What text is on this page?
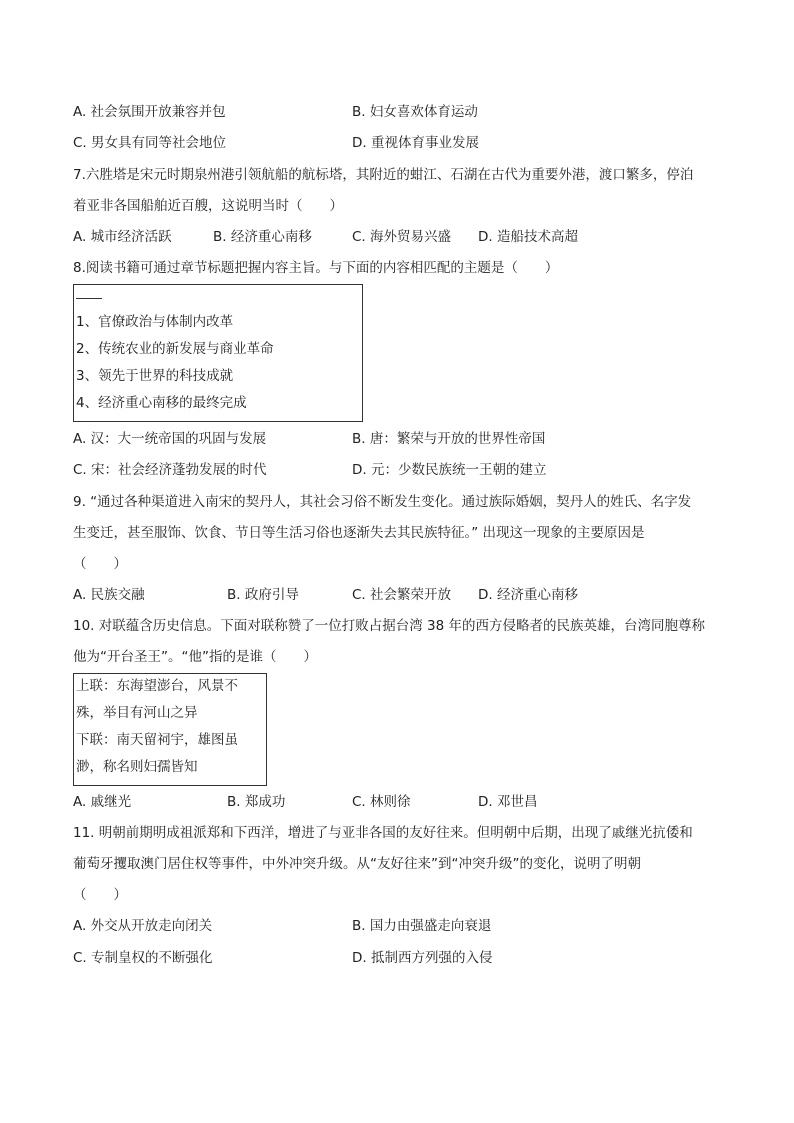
A. 社会氛围开放兼容并包	B. 妇女喜欢体育运动
C. 男女具有同等社会地位	D. 重视体育事业发展
7.六胜塔是宋元时期泉州港引领航船的航标塔，其附近的蚶江、石湖在古代为重要外港，渡口繁多，停泊
着亚非各国船舶近百艘，这说明当时（　　）
A. 城市经济活跃	B. 经济重心南移	C. 海外贸易兴盛 D. 造船技术高超
8.阅读书籍可通过章节标题把握内容主旨。与下面的内容相匹配的主题是（　　）
1、官僚政治与体制内改革
2、传统农业的新发展与商业革命
3、领先于世界的科技成就
4、经济重心南移的最终完成
A. 汉：大一统帝国的巩固与发展	B. 唐：繁荣与开放的世界性帝国
C. 宋：社会经济蓬勃发展的时代	D. 元：少数民族统一王朝的建立
9. “通过各种渠道进入南宋的契丹人，其社会习俗不断发生变化。通过族际婚姻，契丹人的姓氏、名字发
生变迁，甚至服饰、饮食、节日等生活习俗也逐渐失去其民族特征。” 出现这一现象的主要原因是
（　　）
A. 民族交融	B. 政府引导	C. 社会繁荣开放 D. 经济重心南移
10. 对联蕴含历史信息。下面对联称赞了一位打败占据台湾 38 年的西方侵略者的民族英雄，台湾同胞尊称
他为“开台圣王”。“他”指的是谁（　　）
上联：东海望澎台，风景不
殊，举目有河山之异
下联：南天留祠宇，雄图虽
渺，称名则妇孺皆知
A. 戚继光	B. 郑成功	C. 林则徐	D. 邓世昌
11. 明朝前期明成祖派郑和下西洋，增进了与亚非各国的友好往来。但明朝中后期，出现了戚继光抗倭和
葡萄牙攫取澳门居住权等事件，中外冲突升级。从“友好往来”到“冲突升级”的变化，说明了明朝
（　　）
A. 外交从开放走向闭关	B. 国力由强盛走向衰退
C. 专制皇权的不断强化	D. 抵制西方列强的入侵
